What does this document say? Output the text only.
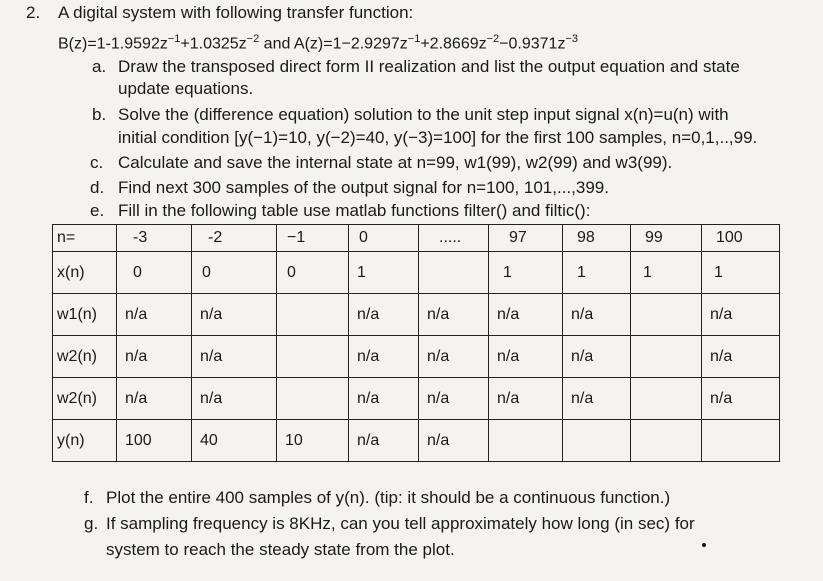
2. A digital system with following transfer function:
$B(z)=1-1.9592z^{-1}+1.0325z^{-2}$ and $A(z)=1-2.9297z^{-1}+2.8669z^{-2}-0.9371z^{-3}$
a. Draw the transposed direct form II realization and list the output equation and state
update equations.
b. Solve the (difference equation) solution to the unit step input signal x(n)=u(n) with
initial condition [y(−1)=10, y(−2)=40, y(−3)=100] for the first 100 samples, n=0,1,..,99.
c. Calculate and save the internal state at n=99, w1(99), w2(99) and w3(99).
d. Find next 300 samples of the output signal for n=100, 101,...,399.
e. Fill in the following table use matlab functions filter() and filtic():
n=	-3	-2	−1	0	.....	97	98	99	100
x(n)	0	0	0	1		1	1	1	1
w1(n)	n/a	n/a		n/a	n/a	n/a	n/a		n/a
w2(n)	n/a	n/a		n/a	n/a	n/a	n/a		n/a
w2(n)	n/a	n/a		n/a	n/a	n/a	n/a		n/a
y(n)	100	40	10	n/a	n/a				
f. Plot the entire 400 samples of y(n). (tip: it should be a continuous function.)
g. If sampling frequency is 8KHz, can you tell approximately how long (in sec) for
system to reach the steady state from the plot.
